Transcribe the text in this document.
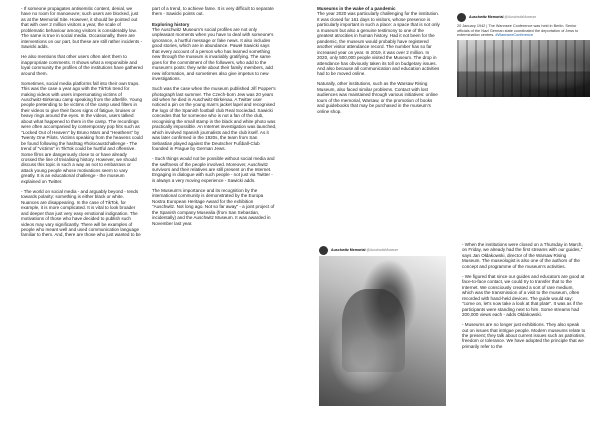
- If someone propagates antisemitic content, denial, we have no room for manoeuvre; such users are blocked, just as at the Memorial Site. However, it should be pointed out that with over 2 million visitors a year, the scale of problematic behaviour among visitors is considerably low. The same is true in social media. Occasionally, there are interventions on our part, but these are still rather incidents - Sawicki adds.

He also mentions that other users often alert them to inappropriate comments. It shows what a responsible and loyal community the profiles of the institutions have gathered around them.

Sometimes, social media platforms fall into their own traps. This was the case a year ago with the TikTok trend for making videos with users impersonating victims of Auschwitz-Birkenau camp speaking from the afterlife. Young people pretending to be victims of the camp used filters in their videos to give their faces signs of fatigue, bruises or heavy rings around the eyes. In the videos, users talked about what happened to them in the camp. The recordings were often accompanied by contemporary pop hits such as "Locked Out of Heaven" by Bruno Mars and "Heathens" by Twenty One Pilots. Victims speaking from the heavens could be found following the hashtag #holocaustchallenge - The trend of "victims" in TikTok could be hurtful and offensive. Some films are dangerously close to or have already crossed the line of trivialising history. However, we should discuss this topic in such a way as not to embarrass or attack young people whose motivations seem to vary greatly. It is an educational challenge - the museum explained on Twitter.

- The world on social media - and arguably beyond - tends towards polarity: something is either black or white. Nuances are disappearing. In the case of TikTok, for example, it is more complicated. It is vital to look broader and deeper than just very easy emotional indignation. The motivations of those who have decided to publish such videos may vary significantly. There will be examples of people who meant well and used communication language familiar to them. And, there are those who just wanted to be

part of a trend, to achieve fame. It is very difficult to separate them - Sawicki points out.

Exploring history

The Auschwitz Museum's social profiles are not only unpleasant moments when you have to deal with someone's ignorance, a hurtful message or fake news. It also includes good stories, which are in abundance. Paweł Sawicki says that every account of a person who has learned something new through the museum is invariably gratifying. The same goes for the commitment of the followers, who add to the museum's posts: they write about their family members, add new information, and sometimes also give impetus to new investigations.

Such was the case when the museum published Jiří Popper's photograph last summer. The Czech-born Jew was 20 years old when he died in Auschwitz-Birkenau. A Twitter user noticed a pin on the young man's jacket lapel and recognised the logo of the Spanish football club Real Sociedad. Sawicki concedes that for someone who is not a fan of the club, recognising the small stamp in the black and white photo was practically impossible. An Internet investigation was launched, which involved Spanish journalists and the club itself. As it was later confirmed in the 1920s, the team from San Sebastian played against the Deutscher Fußball-Club founded in Prague by German Jews.

- Such things would not be possible without social media and the swiftness of the people involved. Moreover, Auschwitz survivors and their relatives are still present on the Internet. Engaging in dialogue with such people - not just via Twitter - is always a very moving experience - Sawicki adds.

The Museum's importance and its recognition by the international community is demonstrated by the Europa Nostra European Heritage Award for the exhibition "Auschwitz. Not long ago. Not so far away" - a joint project of the Spanish company Musealia (from San Sebastian, incidentally) and the Auschwitz Museum. It was awarded in November last year.

Museums in the wake of a pandemic

The year 2020 was particularly challenging for the institution. It was closed for 161 days to visitors, whose presence is particularly important in such a place: a space that is not only a museum but also a genuine testimony to one of the greatest atrocities in human history. Had it not been for the pandemic, the museum would probably have registered another visitor attendance record. The number has so far increased year on year. In 2019, it was over 2 million. In 2020, only 500,000 people visited the Museum. The drop in attendance has obviously taken its toll on budgetary issues. And also because all communication and education activities had to be moved online.

Naturally, other institutions, such as the Warsaw Rising Museum, also faced similar problems. Contact with lost audiences was maintained through various initiatives: online tours of the memorial, Warsaw, or the promotion of books and guidebooks that may be purchased in the museum's online shop.

- When the institutions were closed on a Thursday in March, on Friday, we already had the first streams with our guides," says Jan Ołdakowski, director of the Warsaw Rising Museum. The museologist is also one of the authors of the concept and programme of the museum's activities.

- We figured that since our guides and educators are good at face-to-face contact, we could try to transfer that to the Internet. We consciously created a sort of rare medium, which was the transmission of a visit to the museum, often recorded with hand-held devices. The guide would say: "come on, let's now take a look at that plate". It was as if the participants were standing next to him. Some streams had 200,000 views each - adds Ołdakowski.

- Museums are no longer just exhibitions. They also speak out on issues that intrigue people. Modern museums relate to the present; they talk about current issues such as patriotism, freedom or tolerance. We have adopted the principle that we primarily refer to the

Auschwitz Memorial @AuschwitzMuseum
20 January 1942 | The Wannsee Conference was held in Berlin. Senior officials of the Nazi German state coordinated the deportation of Jews to extermination centres. #WannseeConference
Auschwitz Memorial @AuschwitzMuseum
